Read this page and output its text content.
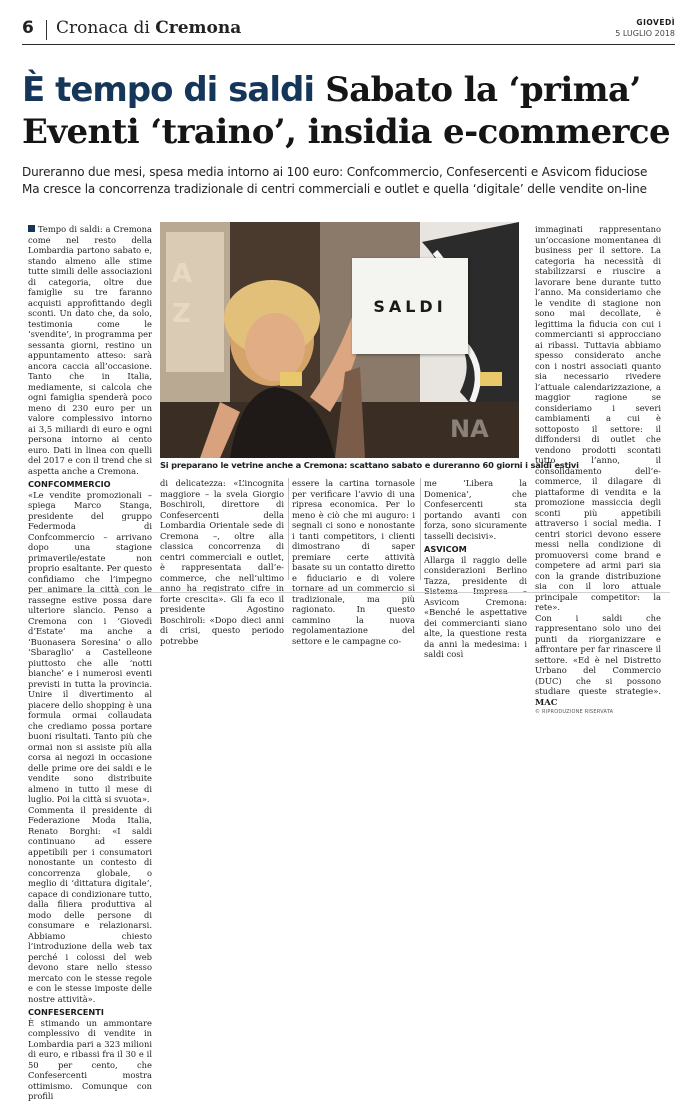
6 Cronaca di Cremona	GIOVEDÌ
5 LUGLIO 2018
È tempo di saldi Sabato la ‘prima’
Eventi ‘traino’, insidia e-commerce
Dureranno due mesi, spesa media intorno ai 100 euro: Confcommercio, Confesercenti e Asvicom fiduciose
Ma cresce la concorrenza tradizionale di centri commerciali e outlet e quella ‘digitale’ delle vendite on-line
A
Z
NA
SALDI
Si preparano le vetrine anche a Cremona: scattano sabato e dureranno 60 giorni i saldi estivi

Tempo di saldi: a Cremona come nel resto della Lombardia partono sabato e, stando almeno alle stime tutte simili delle associazioni di categoria, oltre due famiglie su tre faranno acquisti approfittando degli sconti. Un dato che, da solo, testimonia come le ‘svendite’, in programma per sessanta giorni, restino un appuntamento atteso: sarà ancora caccia all’occasione. Tanto che in Italia, mediamente, si calcola che ogni famiglia spenderà poco meno di 230 euro per un valore complessivo intorno ai 3,5 miliardi di euro e ogni persona intorno ai cento euro. Dati in linea con quelli del 2017 e con il trend che si aspetta anche a Cremona.

CONFCOMMERCIO

«Le vendite promozionali – spiega Marco Stanga, presidente del gruppo Federmoda di Confcommercio – arrivano dopo una stagione primaverile/estate non proprio esaltante. Per questo confidiamo che l’impegno per animare la città con le rassegne estive possa dare ulteriore slancio. Penso a Cremona con i ‘Giovedì d’Estate’ ma anche a ‘Buonasera Soresina’ o allo ‘Sbaraglio’ a Castelleone piuttosto che alle ‘notti bianche’ e i numerosi eventi previsti in tutta la provincia. Unire il divertimento al piacere dello shopping è una formula ormai collaudata che crediamo possa portare buoni risultati. Tanto più che ormai non si assiste più alla corsa ai negozi in occasione delle prime ore dei saldi e le vendite sono distribuite almeno in tutto il mese di luglio. Poi la città si svuota».

Commenta il presidente di Federazione Moda Italia, Renato Borghi: «I saldi continuano ad essere appetibili per i consumatori nonostante un contesto di concorrenza globale, o meglio di ‘dittatura digitale’, capace di condizionare tutto, dalla filiera produttiva al modo delle persone di consumare e relazionarsi. Abbiamo chiesto l’introduzione della web tax perché i colossi del web devono stare nello stesso mercato con le stesse regole e con le stesse imposte delle nostre attività».

CONFESERCENTI

È stimando un ammontare complessivo di vendite in Lombardia pari a 323 milioni di euro, e ribassi fra il 30 e il 50 per cento, che Confesercenti mostra ottimismo. Comunque con profili

di delicatezza: «L’incognita maggiore – la svela Giorgio Boschiroli, direttore di Confesercenti della Lombardia Orientale sede di Cremona –, oltre alla classica concorrenza di centri commerciali e outlet, è rappresentata dall’e-commerce, che nell’ultimo anno ha registrato cifre in forte crescita». Gli fa eco il presidente Agostino Boschiroli: «Dopo dieci anni di crisi, questo periodo potrebbe

essere la cartina tornasole per verificare l’avvio di una ripresa economica. Per lo meno è ciò che mi auguro: i segnali ci sono e nonostante i tanti competitors, i clienti dimostrano di saper premiare certe attività basate su un contatto diretto e fiduciario e di volere tornare ad un commercio sì tradizionale, ma più ragionato. In questo cammino la nuova regolamentazione del settore e le campagne co-

me ‘Libera la Domenica’, che Confesercenti sta portando avanti con forza, sono sicuramente tasselli decisivi».

ASVICOM

Allarga il raggio delle considerazioni Berlino Tazza, presidente di Sistema Impresa – Asvicom Cremona: «Benché le aspettative dei commercianti siano alte, la questione resta da anni la medesima: i saldi così

immaginati rappresentano un’occasione momentanea di business per il settore. La categoria ha necessità di stabilizzarsi e riuscire a lavorare bene durante tutto l’anno. Ma consideriamo che le vendite di stagione non sono mai decollate, è legittima la fiducia con cui i commercianti si approcciano ai ribassi. Tuttavia abbiamo spesso considerato anche con i nostri associati quanto sia necessario rivedere l’attuale calendarizzazione, a maggior ragione se consideriamo i severi cambiamenti a cui è sottoposto il settore: il diffondersi di outlet che vendono prodotti scontati tutto l’anno, il consolidamento dell’e-commerce, il dilagare di piattaforme di vendita e la promozione massiccia degli sconti più appetibili attraverso i social media. I centri storici devono essere messi nella condizione di promuoversi come brand e competere ad armi pari sia con la grande distribuzione sia con il loro attuale principale competitor: la rete».

Con i saldi che rappresentano solo uno dei punti da riorganizzare e affrontare per far rinascere il settore. «Ed è nel Distretto Urbano del Commercio (DUC) che si possono studiare queste strategie». MAC

© RIPRODUZIONE RISERVATA
